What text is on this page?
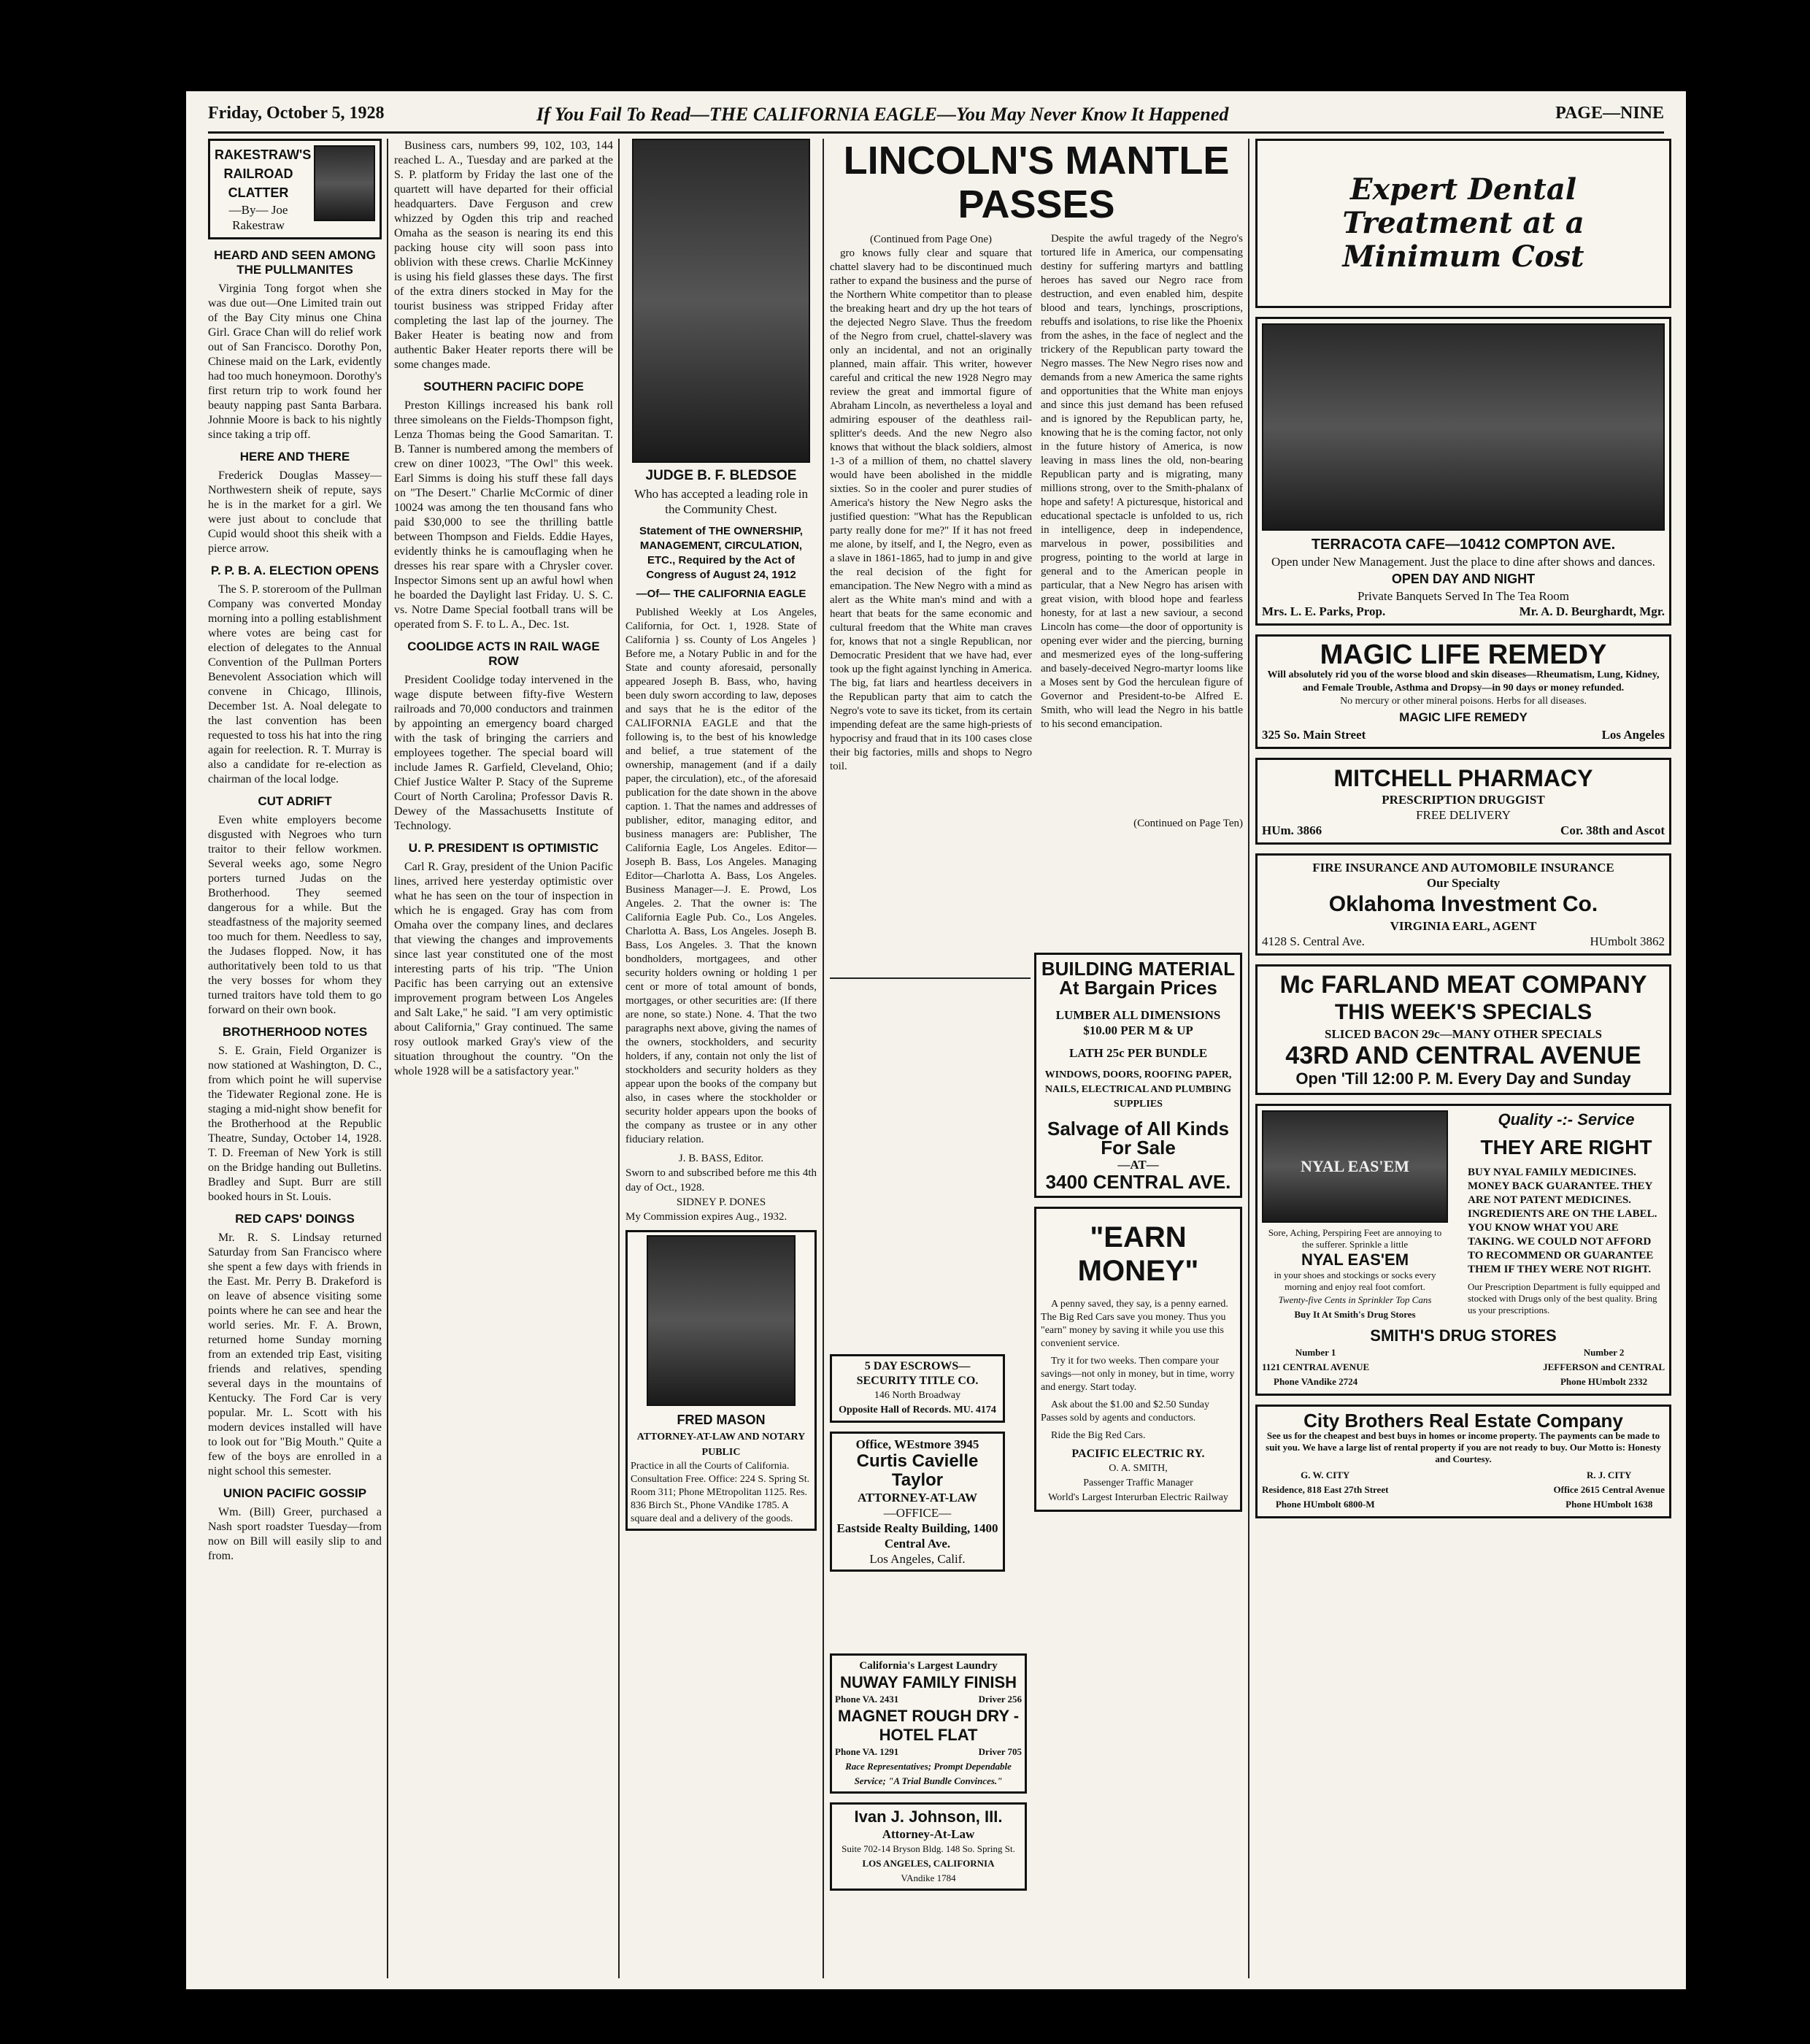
Friday, October 5, 1928	If You Fail To Read—THE CALIFORNIA EAGLE—You May Never Know It Happened	PAGE—NINE
RAKESTRAW'S RAILROAD CLATTER
—By— Joe Rakestraw
HEARD AND SEEN AMONG THE PULLMANITES

Virginia Tong forgot when she was due out—One Limited train out of the Bay City minus one China Girl. Grace Chan will do relief work out of San Francisco. Dorothy Pon, Chinese maid on the Lark, evidently had too much honeymoon. Dorothy's first return trip to work found her beauty napping past Santa Barbara. Johnnie Moore is back to his nightly since taking a trip off.

HERE AND THERE

Frederick Douglas Massey—Northwestern sheik of repute, says he is in the market for a girl. We were just about to conclude that Cupid would shoot this sheik with a pierce arrow.

P. P. B. A. ELECTION OPENS

The S. P. storeroom of the Pullman Company was converted Monday morning into a polling establishment where votes are being cast for election of delegates to the Annual Convention of the Pullman Porters Benevolent Association which will convene in Chicago, Illinois, December 1st. A. Noal delegate to the last convention has been requested to toss his hat into the ring again for reelection. R. T. Murray is also a candidate for re-election as chairman of the local lodge.

CUT ADRIFT

Even white employers become disgusted with Negroes who turn traitor to their fellow workmen. Several weeks ago, some Negro porters turned Judas on the Brotherhood. They seemed dangerous for a while. But the steadfastness of the majority seemed too much for them. Needless to say, the Judases flopped. Now, it has authoritatively been told to us that the very bosses for whom they turned traitors have told them to go forward on their own book.

BROTHERHOOD NOTES

S. E. Grain, Field Organizer is now stationed at Washington, D. C., from which point he will supervise the Tidewater Regional zone. He is staging a mid-night show benefit for the Brotherhood at the Republic Theatre, Sunday, October 14, 1928. T. D. Freeman of New York is still on the Bridge handing out Bulletins. Bradley and Supt. Burr are still booked hours in St. Louis.

RED CAPS' DOINGS

Mr. R. S. Lindsay returned Saturday from San Francisco where she spent a few days with friends in the East. Mr. Perry B. Drakeford is on leave of absence visiting some points where he can see and hear the world series. Mr. F. A. Brown, returned home Sunday morning from an extended trip East, visiting friends and relatives, spending several days in the mountains of Kentucky. The Ford Car is very popular. Mr. L. Scott with his modern devices installed will have to look out for "Big Mouth." Quite a few of the boys are enrolled in a night school this semester.

UNION PACIFIC GOSSIP

Wm. (Bill) Greer, purchased a Nash sport roadster Tuesday—from now on Bill will easily slip to and from.

Business cars, numbers 99, 102, 103, 144 reached L. A., Tuesday and are parked at the S. P. platform by Friday the last one of the quartett will have departed for their official headquarters. Dave Ferguson and crew whizzed by Ogden this trip and reached Omaha as the season is nearing its end this packing house city will soon pass into oblivion with these crews. Charlie McKinney is using his field glasses these days. The first of the extra diners stocked in May for the tourist business was stripped Friday after completing the last lap of the journey. The Baker Heater is beating now and from authentic Baker Heater reports there will be some changes made.

SOUTHERN PACIFIC DOPE

Preston Killings increased his bank roll three simoleans on the Fields-Thompson fight, Lenza Thomas being the Good Samaritan. T. B. Tanner is numbered among the members of crew on diner 10023, "The Owl" this week. Earl Simms is doing his stuff these fall days on "The Desert." Charlie McCormic of diner 10024 was among the ten thousand fans who paid $30,000 to see the thrilling battle between Thompson and Fields. Eddie Hayes, evidently thinks he is camouflaging when he dresses his rear spare with a Chrysler cover. Inspector Simons sent up an awful howl when he boarded the Daylight last Friday. U. S. C. vs. Notre Dame Special football trans will be operated from S. F. to L. A., Dec. 1st.

COOLIDGE ACTS IN RAIL WAGE ROW

President Coolidge today intervened in the wage dispute between fifty-five Western railroads and 70,000 conductors and trainmen by appointing an emergency board charged with the task of bringing the carriers and employees together. The special board will include James R. Garfield, Cleveland, Ohio; Chief Justice Walter P. Stacy of the Supreme Court of North Carolina; Professor Davis R. Dewey of the Massachusetts Institute of Technology.

U. P. PRESIDENT IS OPTIMISTIC

Carl R. Gray, president of the Union Pacific lines, arrived here yesterday optimistic over what he has seen on the tour of inspection in which he is engaged. Gray has com from Omaha over the company lines, and declares that viewing the changes and improvements since last year constituted one of the most interesting parts of his trip. "The Union Pacific has been carrying out an extensive improvement program between Los Angeles and Salt Lake," he said. "I am very optimistic about California," Gray continued. The same rosy outlook marked Gray's view of the situation throughout the country. "On the whole 1928 will be a satisfactory year."

JUDGE B. F. BLEDSOE
Who has accepted a leading role in the Community Chest.
Statement of THE OWNERSHIP, MANAGEMENT, CIRCULATION, ETC., Required by the Act of Congress of August 24, 1912
—Of— THE CALIFORNIA EAGLE

Published Weekly at Los Angeles, California, for Oct. 1, 1928. State of California } ss. County of Los Angeles } Before me, a Notary Public in and for the State and county aforesaid, personally appeared Joseph B. Bass, who, having been duly sworn according to law, deposes and says that he is the editor of the CALIFORNIA EAGLE and that the following is, to the best of his knowledge and belief, a true statement of the ownership, management (and if a daily paper, the circulation), etc., of the aforesaid publication for the date shown in the above caption. 1. That the names and addresses of publisher, editor, managing editor, and business managers are: Publisher, The California Eagle, Los Angeles. Editor—Joseph B. Bass, Los Angeles. Managing Editor—Charlotta A. Bass, Los Angeles. Business Manager—J. E. Prowd, Los Angeles. 2. That the owner is: The California Eagle Pub. Co., Los Angeles. Charlotta A. Bass, Los Angeles. Joseph B. Bass, Los Angeles. 3. That the known bondholders, mortgagees, and other security holders owning or holding 1 per cent or more of total amount of bonds, mortgages, or other securities are: (If there are none, so state.) None. 4. That the two paragraphs next above, giving the names of the owners, stockholders, and security holders, if any, contain not only the list of stockholders and security holders as they appear upon the books of the company but also, in cases where the stockholder or security holder appears upon the books of the company as trustee or in any other fiduciary relation.

J. B. BASS, Editor.
Sworn to and subscribed before me this 4th day of Oct., 1928.
SIDNEY P. DONES
My Commission expires Aug., 1932.
FRED MASON
ATTORNEY-AT-LAW AND NOTARY PUBLIC
Practice in all the Courts of California. Consultation Free. Office: 224 S. Spring St. Room 311; Phone MEtropolitan 1125. Res. 836 Birch St., Phone VAndike 1785. A square deal and a delivery of the goods.
LINCOLN'S MANTLE PASSES
(Continued from Page One)

gro knows fully clear and square that chattel slavery had to be discontinued much rather to expand the business and the purse of the Northern White competitor than to please the breaking heart and dry up the hot tears of the dejected Negro Slave. Thus the freedom of the Negro from cruel, chattel-slavery was only an incidental, and not an originally planned, main affair. This writer, however careful and critical the new 1928 Negro may review the great and immortal figure of Abraham Lincoln, as nevertheless a loyal and admiring espouser of the deathless rail-splitter's deeds. And the new Negro also knows that without the black soldiers, almost 1-3 of a million of them, no chattel slavery would have been abolished in the middle sixties. So in the cooler and purer studies of America's history the New Negro asks the justified question: "What has the Republican party really done for me?" If it has not freed me alone, by itself, and I, the Negro, even as a slave in 1861-1865, had to jump in and give the real decision of the fight for emancipation. The New Negro with a mind as alert as the White man's mind and with a heart that beats for the same economic and cultural freedom that the White man craves for, knows that not a single Republican, nor Democratic President that we have had, ever took up the fight against lynching in America. The big, fat liars and heartless deceivers in the Republican party that aim to catch the Negro's vote to save its ticket, from its certain impending defeat are the same high-priests of hypocrisy and fraud that in its 100 cases close their big factories, mills and shops to Negro toil.

Despite the awful tragedy of the Negro's tortured life in America, our compensating destiny for suffering martyrs and battling heroes has saved our Negro race from destruction, and even enabled him, despite blood and tears, lynchings, proscriptions, rebuffs and isolations, to rise like the Phoenix from the ashes, in the face of neglect and the trickery of the Republican party toward the Negro masses. The New Negro rises now and demands from a new America the same rights and opportunities that the White man enjoys and since this just demand has been refused and is ignored by the Republican party, he, knowing that he is the coming factor, not only in the future history of America, is now leaving in mass lines the old, non-bearing Republican party and is migrating, many millions strong, over to the Smith-phalanx of hope and safety! A picturesque, historical and educational spectacle is unfolded to us, rich in intelligence, deep in independence, marvelous in power, possibilities and progress, pointing to the world at large in general and to the American people in particular, that a New Negro has arisen with great vision, with blood hope and fearless honesty, for at last a new saviour, a second Lincoln has come—the door of opportunity is opening ever wider and the piercing, burning and mesmerized eyes of the long-suffering and basely-deceived Negro-martyr looms like a Moses sent by God the herculean figure of Governor and President-to-be Alfred E. Smith, who will lead the Negro in his battle to his second emancipation.

(Continued on Page Ten)
5 DAY ESCROWS—SECURITY TITLE CO.
146 North Broadway
Opposite Hall of Records. MU. 4174
Office, WEstmore 3945
Curtis Cavielle Taylor
ATTORNEY-AT-LAW
—OFFICE—
Eastside Realty Building, 1400 Central Ave.
Los Angeles, Calif.
BUILDING MATERIAL
At Bargain Prices
LUMBER ALL DIMENSIONS
$10.00 PER M & UP
LATH 25c PER BUNDLE
WINDOWS, DOORS, ROOFING PAPER, NAILS, ELECTRICAL AND PLUMBING SUPPLIES
Salvage of All Kinds For Sale
—AT—
3400 CENTRAL AVE.
"EARN MONEY"

A penny saved, they say, is a penny earned. The Big Red Cars save you money. Thus you "earn" money by saving it while you use this convenient service.

Try it for two weeks. Then compare your savings—not only in money, but in time, worry and energy. Start today.

Ask about the $1.00 and $2.50 Sunday Passes sold by agents and conductors.

Ride the Big Red Cars.

PACIFIC ELECTRIC RY.
O. A. SMITH,
Passenger Traffic Manager
World's Largest Interurban Electric Railway
California's Largest Laundry
NUWAY FAMILY FINISH
Phone VA. 2431	Driver 256
MAGNET ROUGH DRY - HOTEL FLAT
Phone VA. 1291	Driver 705
Race Representatives; Prompt Dependable Service; "A Trial Bundle Convinces."
Ivan J. Johnson, III.
Attorney-At-Law
Suite 702-14 Bryson Bldg. 148 So. Spring St.
LOS ANGELES, CALIFORNIA
VAndike 1784
Expert Dental Treatment at a Minimum Cost
TERRACOTA CAFE—10412 COMPTON AVE.
Open under New Management. Just the place to dine after shows and dances.
OPEN DAY AND NIGHT
Private Banquets Served In The Tea Room
Mrs. L. E. Parks, Prop.	Mr. A. D. Beurghardt, Mgr.
MAGIC LIFE REMEDY
Will absolutely rid you of the worse blood and skin diseases—Rheumatism, Lung, Kidney, and Female Trouble, Asthma and Dropsy—in 90 days or money refunded.
No mercury or other mineral poisons. Herbs for all diseases.
MAGIC LIFE REMEDY
325 So. Main Street	Los Angeles
MITCHELL PHARMACY
PRESCRIPTION DRUGGIST
FREE DELIVERY
HUm. 3866	Cor. 38th and Ascot
FIRE INSURANCE AND AUTOMOBILE INSURANCE
Our Specialty
Oklahoma Investment Co.
VIRGINIA EARL, AGENT
4128 S. Central Ave.	HUmbolt 3862
Mc FARLAND MEAT COMPANY
THIS WEEK'S SPECIALS
SLICED BACON 29c—MANY OTHER SPECIALS
43RD AND CENTRAL AVENUE
Open 'Till 12:00 P. M. Every Day and Sunday
NYAL EAS'EM
Sore, Aching, Perspiring Feet are annoying to the sufferer. Sprinkle a little
NYAL EAS'EM
in your shoes and stockings or socks every morning and enjoy real foot comfort.
Twenty-five Cents in Sprinkler Top Cans
Buy It At Smith's Drug Stores
Quality -:- Service
THEY ARE RIGHT
BUY NYAL FAMILY MEDICINES. MONEY BACK GUARANTEE. THEY ARE NOT PATENT MEDICINES. INGREDIENTS ARE ON THE LABEL. YOU KNOW WHAT YOU ARE TAKING. WE COULD NOT AFFORD TO RECOMMEND OR GUARANTEE THEM IF THEY WERE NOT RIGHT.
Our Prescription Department is fully equipped and stocked with Drugs only of the best quality. Bring us your prescriptions.
SMITH'S DRUG STORES
Number 1
1121 CENTRAL AVENUE
Phone VAndike 2724
Number 2
JEFFERSON and CENTRAL
Phone HUmbolt 2332
City Brothers Real Estate Company
See us for the cheapest and best buys in homes or income property. The payments can be made to suit you. We have a large list of rental property if you are not ready to buy. Our Motto is: Honesty and Courtesy.
G. W. CITY
Residence, 818 East 27th Street
Phone HUmbolt 6800-M
R. J. CITY
Office 2615 Central Avenue
Phone HUmbolt 1638
